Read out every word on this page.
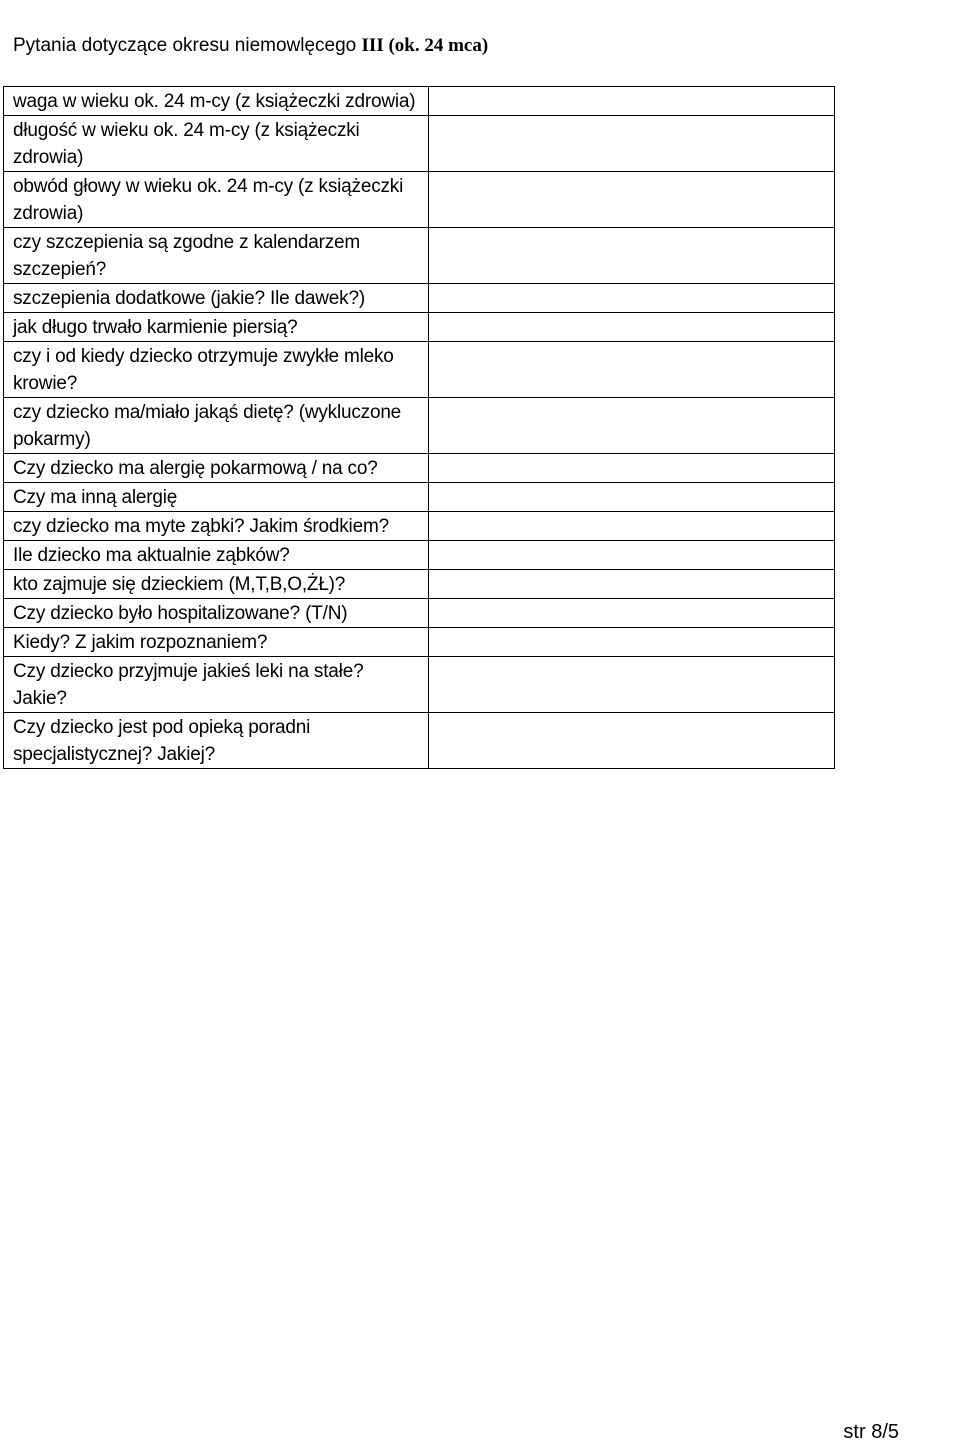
Pytania dotyczące okresu niemowlęcego III (ok. 24 mca)
waga w wieku ok. 24 m-cy (z książeczki zdrowia)	

długość w wieku ok. 24 m-cy (z książeczki zdrowia)	

obwód głowy w wieku ok. 24 m-cy (z książeczki zdrowia)	

czy szczepienia są zgodne z kalendarzem szczepień?	

szczepienia dodatkowe (jakie? Ile dawek?)	

jak długo trwało karmienie piersią?	

czy i od kiedy dziecko otrzymuje zwykłe mleko krowie?	

czy dziecko ma/miało jakąś dietę? (wykluczone pokarmy)	

Czy dziecko ma alergię pokarmową / na co?	

Czy ma inną alergię	

czy dziecko ma myte ząbki? Jakim środkiem?	

Ile dziecko ma aktualnie ząbków?	

kto zajmuje się dzieckiem (M,T,B,O,ŻŁ)?	

Czy dziecko było hospitalizowane? (T/N)	

Kiedy? Z jakim rozpoznaniem?	

Czy dziecko przyjmuje jakieś leki na stałe? Jakie?	

Czy dziecko jest pod opieką poradni specjalistycznej? Jakiej?	

str 8/5
